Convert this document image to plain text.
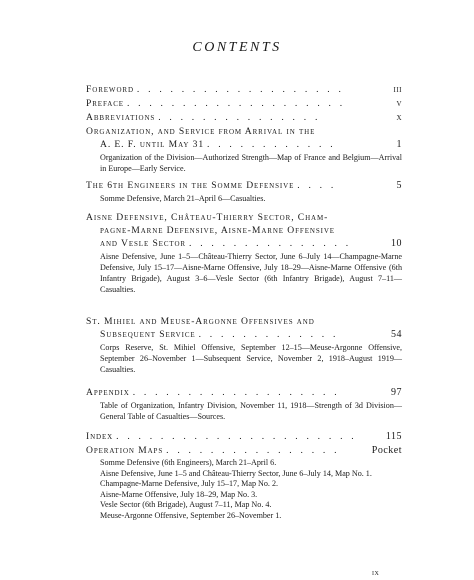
CONTENTS
Foreword . . . . . . . . . . . . . . . . . . .	iii
Preface . . . . . . . . . . . . . . . . . . . .	v
Abbreviations . . . . . . . . . . . . . . .	x
Organization, and Service from Arrival in the
A. E. F. until May 31 . . . . . . . . . . . .	1
Organization of the Division—Authorized Strength—Map of France and Belgium—Arrival in Europe—Early Service.
The 6th Engineers in the Somme Defensive . . . .	5
Somme Defensive, March 21–April 6—Casualties.
Aisne Defensive, Château-Thierry Sector, Cham-
pagne-Marne Defensive, Aisne-Marne Offensive
and Vesle Sector . . . . . . . . . . . . . . .	10
Aisne Defensive, June 1–5—Château-Thierry Sector, June 6–July 14—Champagne-Marne Defensive, July 15–17—Aisne-Marne Offensive, July 18–29—Aisne-Marne Offensive (6th Infantry Brigade), August 3–6—Vesle Sector (6th Infantry Brigade), August 7–11—Casualties.
St. Mihiel and Meuse-Argonne Offensives and
Subsequent Service . . . . . . . . . . . . .	54
Corps Reserve, St. Mihiel Offensive, September 12–15—Meuse-Argonne Offensive, September 26–November 1—Subsequent Service, November 2, 1918–August 1919—Casualties.
Appendix . . . . . . . . . . . . . . . . . . .	97
Table of Organization, Infantry Division, November 11, 1918—Strength of 3d Division—General Table of Casualties—Sources.
Index . . . . . . . . . . . . . . . . . . . . . .	115
Operation Maps . . . . . . . . . . . . . . . .	Pocket
Somme Defensive (6th Engineers), March 21–April 6.
Aisne Defensive, June 1–5 and Château-Thierry Sector, June 6–July 14, Map No. 1.
Champagne-Marne Defensive, July 15–17, Map No. 2.
Aisne-Marne Offensive, July 18–29, Map No. 3.
Vesle Sector (6th Brigade), August 7–11, Map No. 4.
Meuse-Argonne Offensive, September 26–November 1.
ix
